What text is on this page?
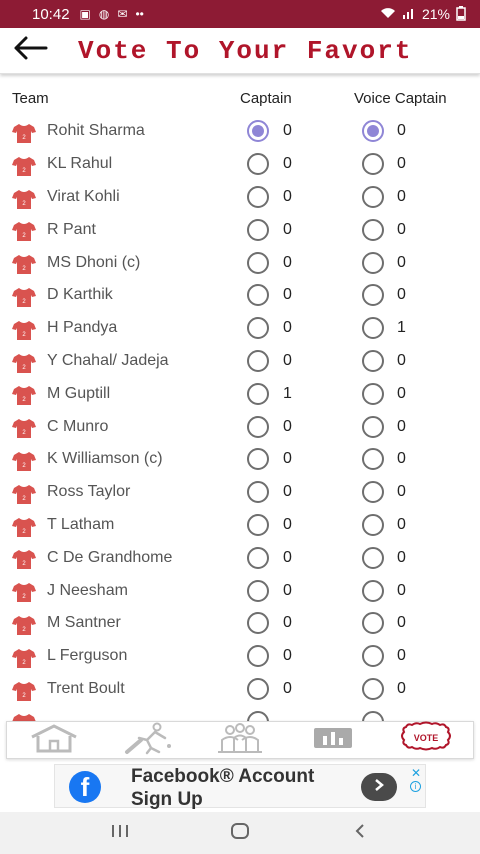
10:42 ▣ ◍ ✉ ••	21%
Vote To Your Favort
Team	Captain	Voice Captain
2 Rohit Sharma	0	0
2 KL Rahul	0	0
2 Virat Kohli	0	0
2 R Pant	0	0
2 MS Dhoni (c)	0	0
2 D Karthik	0	0
2 H Pandya	0	1
2 Y Chahal/ Jadeja	0	0
2 M Guptill	1	0
2 C Munro	0	0
2 K Williamson (c)	0	0
2 Ross Taylor	0	0
2 T Latham	0	0
2 C De Grandhome	0	0
2 J Neesham	0	0
2 M Santner	0	0
2 L Ferguson	0	0
2 Trent Boult	0	0
VOTE
f	Facebook® Account
Sign Up
✕
i
